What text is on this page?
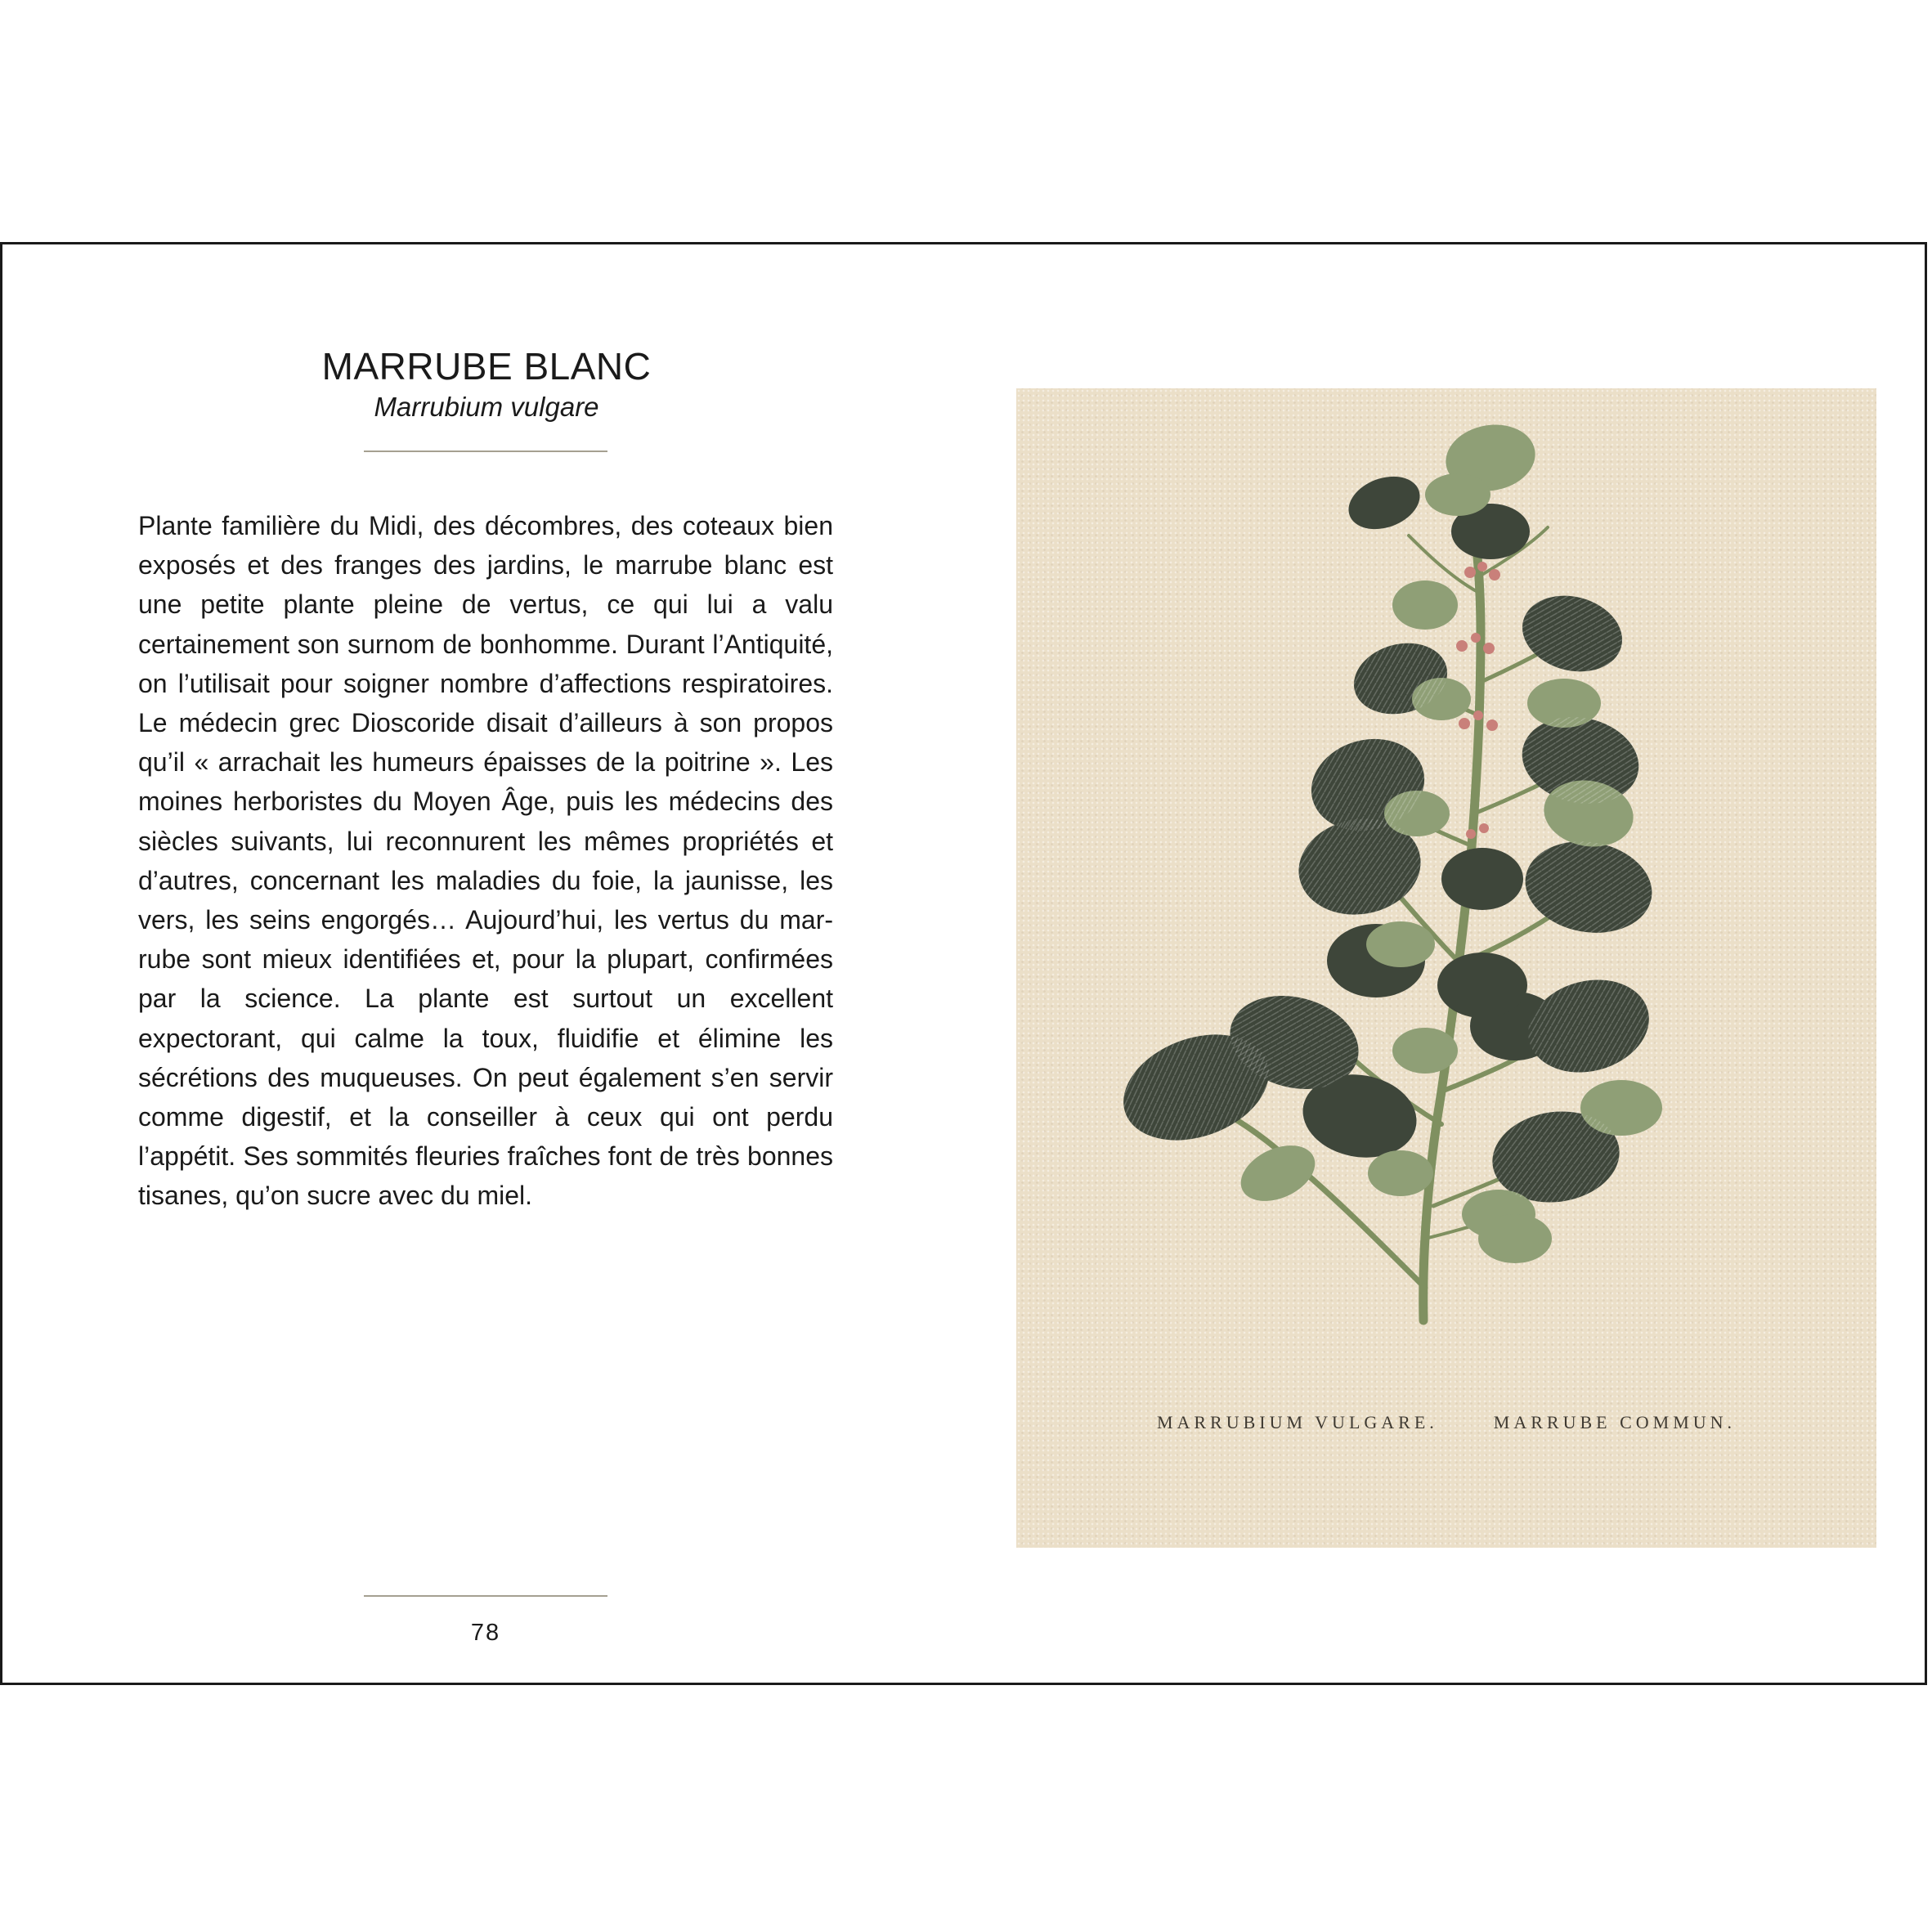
MARRUBE BLANC

Marrubium vulgare

Plante familière du Midi, des décombres, des coteaux bien exposés et des franges des jardins, le marrube blanc est une petite plante pleine de vertus, ce qui lui a valu certainement son surnom de bonhomme. Durant l’Antiquité, on l’utilisait pour soigner nombre d’affections respiratoires. Le médecin grec Dioscoride disait d’ailleurs à son propos qu’il « arrachait les humeurs épaisses de la poitrine ». Les moines herboristes du Moyen Âge, puis les médecins des siècles suivants, lui reconnurent les mêmes propriétés et d’autres, concernant les maladies du foie, la jaunisse, les vers, les seins engorgés… Aujourd’hui, les vertus du marrube sont mieux identifiées et, pour la plupart, confirmées par la science. La plante est surtout un excellent expectorant, qui calme la toux, fluidifie et élimine les sécrétions des muqueuses. On peut également s’en servir comme digestif, et la conseiller à ceux qui ont perdu l’appétit. Ses sommités fleuries fraîches font de très bonnes tisanes, qu’on sucre avec du miel.

78
MARRUBIUM VULGARE.	MARRUBE COMMUN.
